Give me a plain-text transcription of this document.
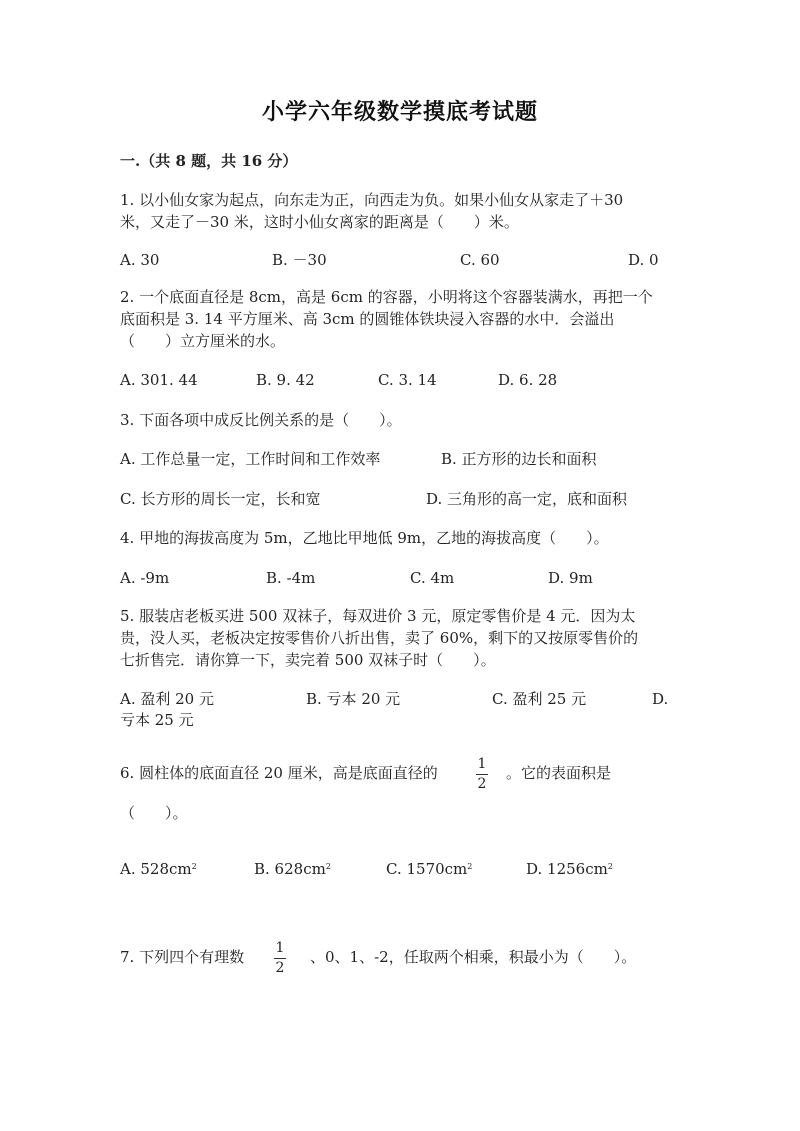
小学六年级数学摸底考试题
一.（共 8 题，共 16 分）
1. 以小仙女家为起点，向东走为正，向西走为负。如果小仙女从家走了＋30
米，又走了－30 米，这时小仙女离家的距离是（　　）米。
A. 30	B. －30	C. 60	D. 0
2. 一个底面直径是 8cm，高是 6cm 的容器，小明将这个容器装满水，再把一个
底面积是 3. 14 平方厘米、高 3cm 的圆锥体铁块浸入容器的水中．会溢出
（　　）立方厘米的水。
A. 301. 44	B. 9. 42	C. 3. 14	D. 6. 28
3. 下面各项中成反比例关系的是（　　）。
A. 工作总量一定，工作时间和工作效率	B. 正方形的边长和面积
C. 长方形的周长一定，长和宽	D. 三角形的高一定，底和面积
4. 甲地的海拔高度为 5m，乙地比甲地低 9m，乙地的海拔高度（　　）。
A. -9m	B. -4m	C. 4m	D. 9m
5. 服装店老板买进 500 双袜子，每双进价 3 元，原定零售价是 4 元．因为太
贵，没人买，老板决定按零售价八折出售，卖了 60%，剩下的又按原零售价的
七折售完．请你算一下，卖完着 500 双袜子时（　　）。
A. 盈利 20 元	B. 亏本 20 元	C. 盈利 25 元	D.
亏本 25 元
6. 圆柱体的底面直径 20 厘米，高是底面直径的	1
2
。它的表面积是
（　　）。
A. $528cm^2$	B. $628cm^2$	C. $1570cm^2$	D. $1256cm^2$
7. 下列四个有理数 1
2
、0、1、-2，任取两个相乘，积最小为（　　）。
